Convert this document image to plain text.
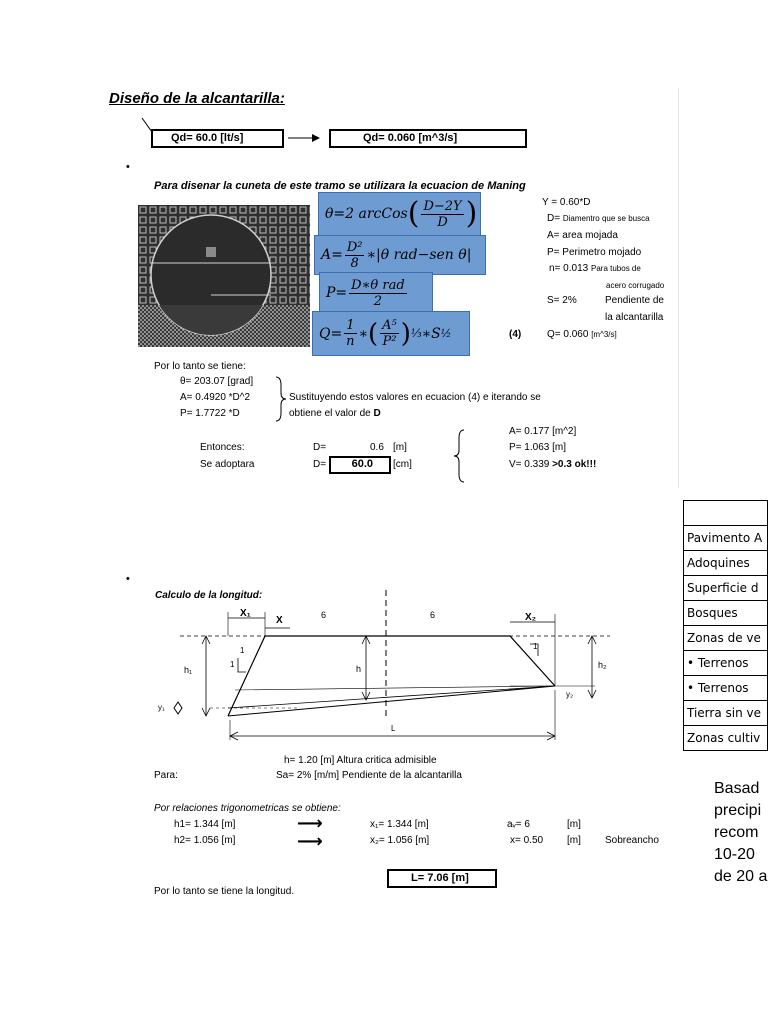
Diseño de la alcantarilla:
Qd= 60.0 [lt/s]	Qd= 0.060 [m^3/s]
•
Para disenar la cuneta de este tramo se utilizara la ecuacion de Maning
θ=2 arcCos ( $\frac{D-2Y}{D}$ )
$A= \frac{\text{D²}}{8}$ ∗|θ rad−sen θ|
$P= \frac{\text{D∗θ rad}}{2}$
$Q= \frac{1}{n}$ ∗ ( $\frac{\text{A⁵}}{\text{P²}}$ ) ⅓ ∗S ½	(4)
Y = 0.60*D
D= Diamentro que se busca
A= area mojada
P= Perimetro mojado
n= 0.013 Para tubos de
acero corrugado
S= 2%	Pendiente de
la alcantarilla
Q= 0.060 [m^3/s]
Por lo tanto se tiene:
θ= 203.07 [grad]
A= 0.4920 *D^2
P= 1.7722 *D
Sustituyendo estos valores en ecuacion (4) e iterando se
obtiene el valor de D
Entonces:	D=	0.6 [m]
Se adoptara	D=	60.0	[cm]
A= 0.177 [m^2]
P= 1.063 [m]
V= 0.339 >0.3 ok!!!
•
Calculo de la longitud:
X₁
X	6	6	X₂
h₁	h	h₂
1
1
1
y₁
y₂
L
h= 1.20 [m] Altura critica admisible
Para:	Sa= 2% [m/m] Pendiente de la alcantarilla
Por relaciones trigonometricas se obtiene:
h1= 1.344 [m]	⟶	x₁= 1.344 [m]	aᵥ= 6	[m]
h2= 1.056 [m]	⟶	x₂= 1.056 [m]	x= 0.50 [m] Sobreancho
L= 7.06 [m]
Por lo tanto se tiene la longitud.

Pavimento A
Adoquines
Superficie d
Bosques
Zonas de ve
• Terrenos
• Terrenos
Tierra sin ve
Zonas cultiv
Basad
precipi
recom
10-20
de 20 a
